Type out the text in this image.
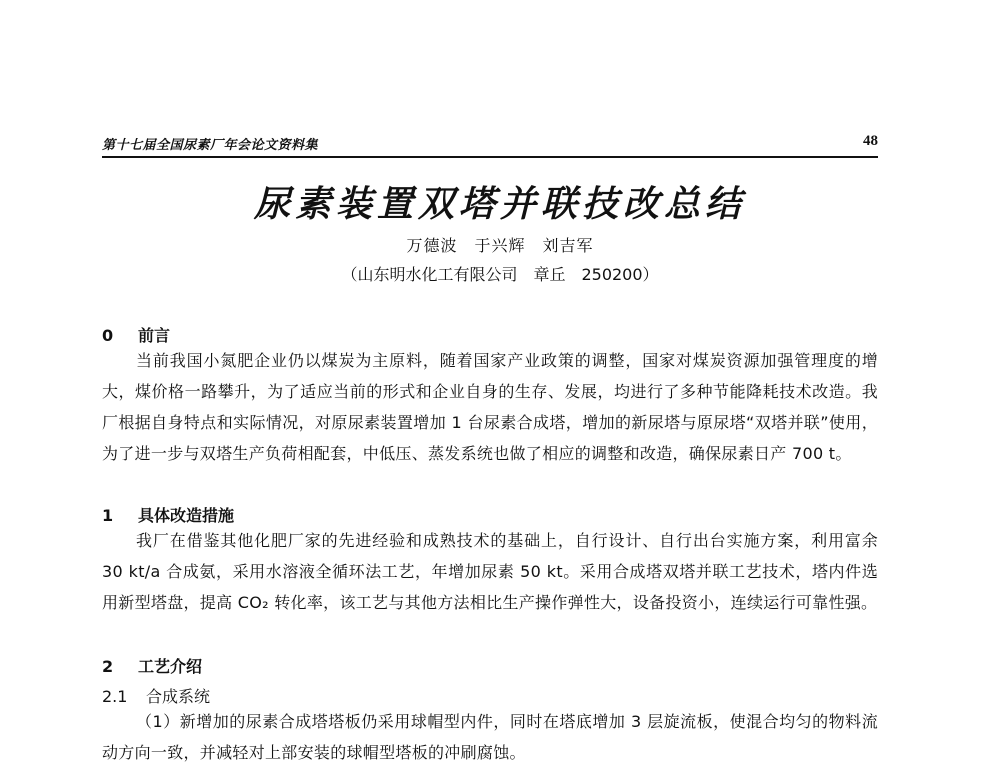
第十七届全国尿素厂年会论文资料集	48
尿素装置双塔并联技改总结
万德波　于兴辉　刘吉军
（山东明水化工有限公司　章丘　250200）
0 前言
当前我国小氮肥企业仍以煤炭为主原料，随着国家产业政策的调整，国家对煤炭资源加强管理度的增大，煤价格一路攀升，为了适应当前的形式和企业自身的生存、发展，均进行了多种节能降耗技术改造。我厂根据自身特点和实际情况，对原尿素装置增加 1 台尿素合成塔，增加的新尿塔与原尿塔“双塔并联”使用，为了进一步与双塔生产负荷相配套，中低压、蒸发系统也做了相应的调整和改造，确保尿素日产 700 t。
1 具体改造措施
我厂在借鉴其他化肥厂家的先进经验和成熟技术的基础上，自行设计、自行出台实施方案，利用富余 30 kt/a 合成氨，采用水溶液全循环法工艺，年增加尿素 50 kt。采用合成塔双塔并联工艺技术，塔内件选用新型塔盘，提高 CO₂ 转化率，该工艺与其他方法相比生产操作弹性大，设备投资小，连续运行可靠性强。
2 工艺介绍
2.1 合成系统
（1）新增加的尿素合成塔塔板仍采用球帽型内件，同时在塔底增加 3 层旋流板，使混合均匀的物料流动方向一致，并减轻对上部安装的球帽型塔板的冲刷腐蚀。
